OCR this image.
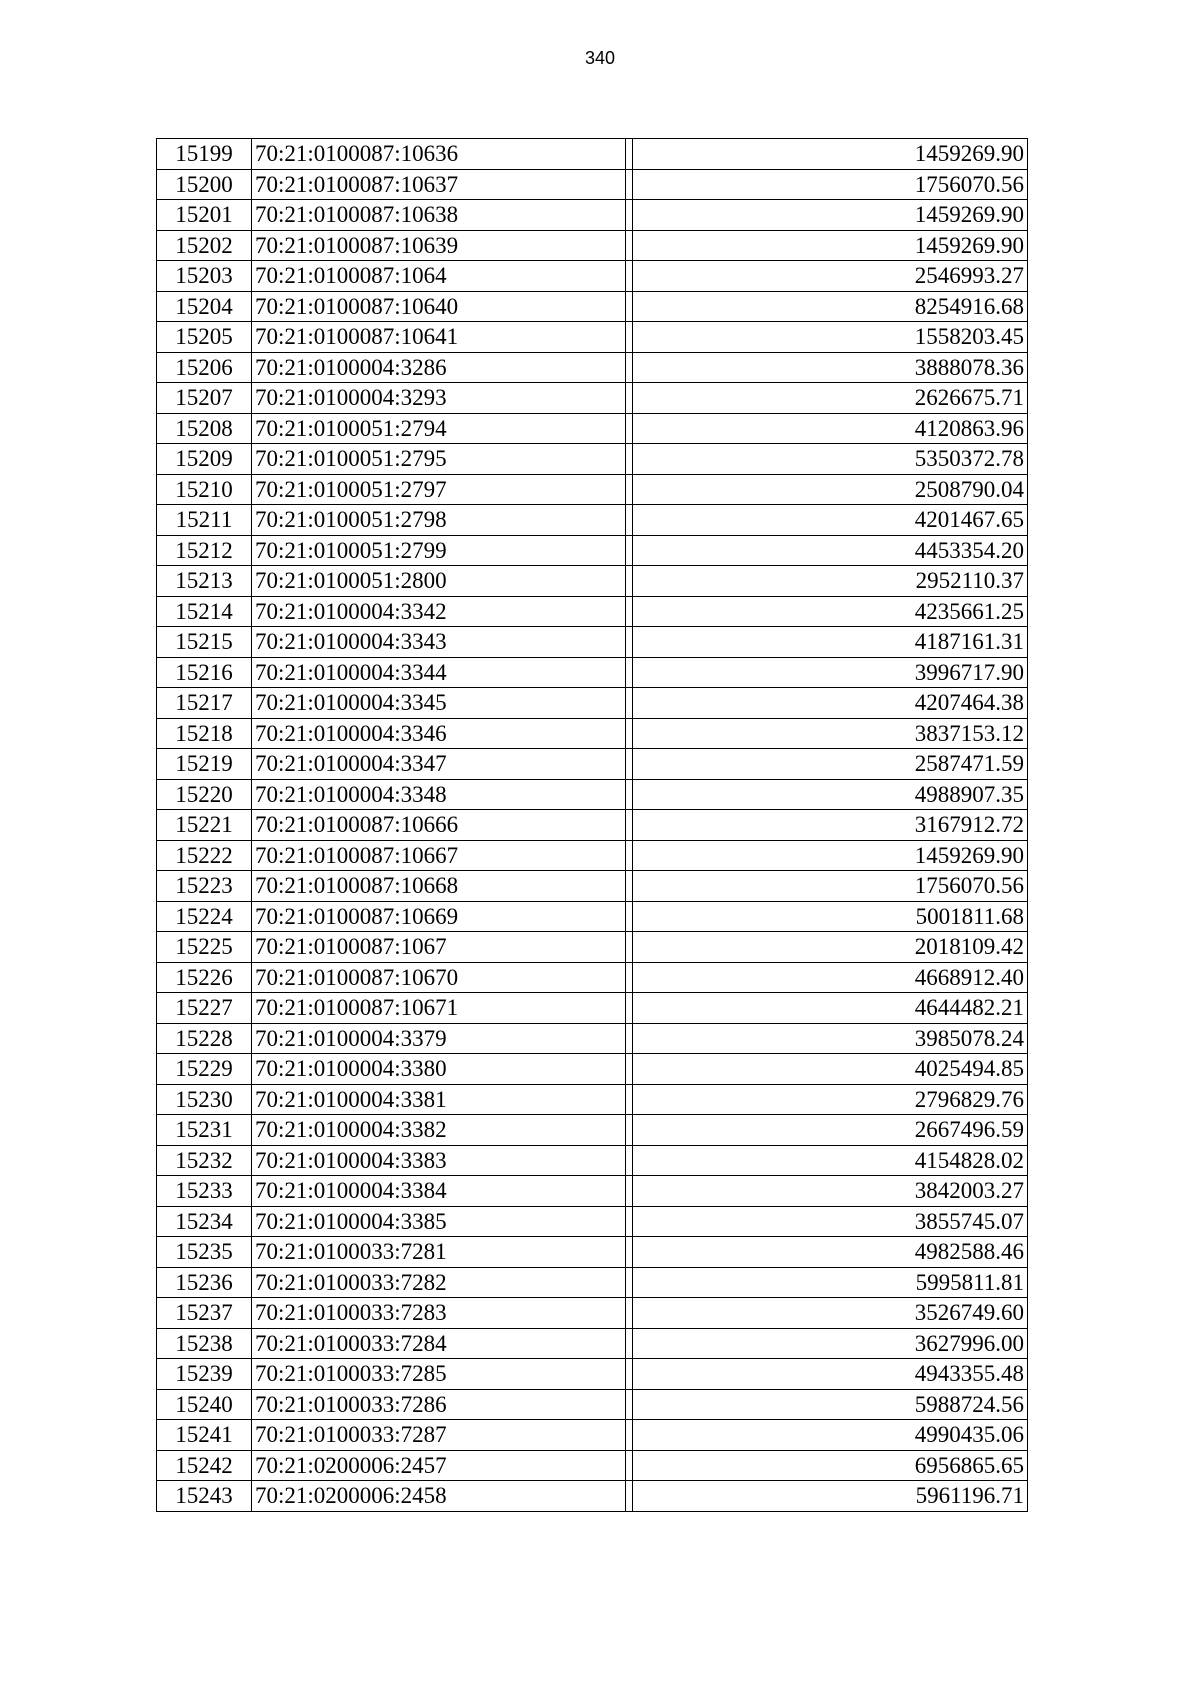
340
15199	70:21:0100087:10636		1459269.90
15200	70:21:0100087:10637		1756070.56
15201	70:21:0100087:10638		1459269.90
15202	70:21:0100087:10639		1459269.90
15203	70:21:0100087:1064		2546993.27
15204	70:21:0100087:10640		8254916.68
15205	70:21:0100087:10641		1558203.45
15206	70:21:0100004:3286		3888078.36
15207	70:21:0100004:3293		2626675.71
15208	70:21:0100051:2794		4120863.96
15209	70:21:0100051:2795		5350372.78
15210	70:21:0100051:2797		2508790.04
15211	70:21:0100051:2798		4201467.65
15212	70:21:0100051:2799		4453354.20
15213	70:21:0100051:2800		2952110.37
15214	70:21:0100004:3342		4235661.25
15215	70:21:0100004:3343		4187161.31
15216	70:21:0100004:3344		3996717.90
15217	70:21:0100004:3345		4207464.38
15218	70:21:0100004:3346		3837153.12
15219	70:21:0100004:3347		2587471.59
15220	70:21:0100004:3348		4988907.35
15221	70:21:0100087:10666		3167912.72
15222	70:21:0100087:10667		1459269.90
15223	70:21:0100087:10668		1756070.56
15224	70:21:0100087:10669		5001811.68
15225	70:21:0100087:1067		2018109.42
15226	70:21:0100087:10670		4668912.40
15227	70:21:0100087:10671		4644482.21
15228	70:21:0100004:3379		3985078.24
15229	70:21:0100004:3380		4025494.85
15230	70:21:0100004:3381		2796829.76
15231	70:21:0100004:3382		2667496.59
15232	70:21:0100004:3383		4154828.02
15233	70:21:0100004:3384		3842003.27
15234	70:21:0100004:3385		3855745.07
15235	70:21:0100033:7281		4982588.46
15236	70:21:0100033:7282		5995811.81
15237	70:21:0100033:7283		3526749.60
15238	70:21:0100033:7284		3627996.00
15239	70:21:0100033:7285		4943355.48
15240	70:21:0100033:7286		5988724.56
15241	70:21:0100033:7287		4990435.06
15242	70:21:0200006:2457		6956865.65
15243	70:21:0200006:2458		5961196.71
